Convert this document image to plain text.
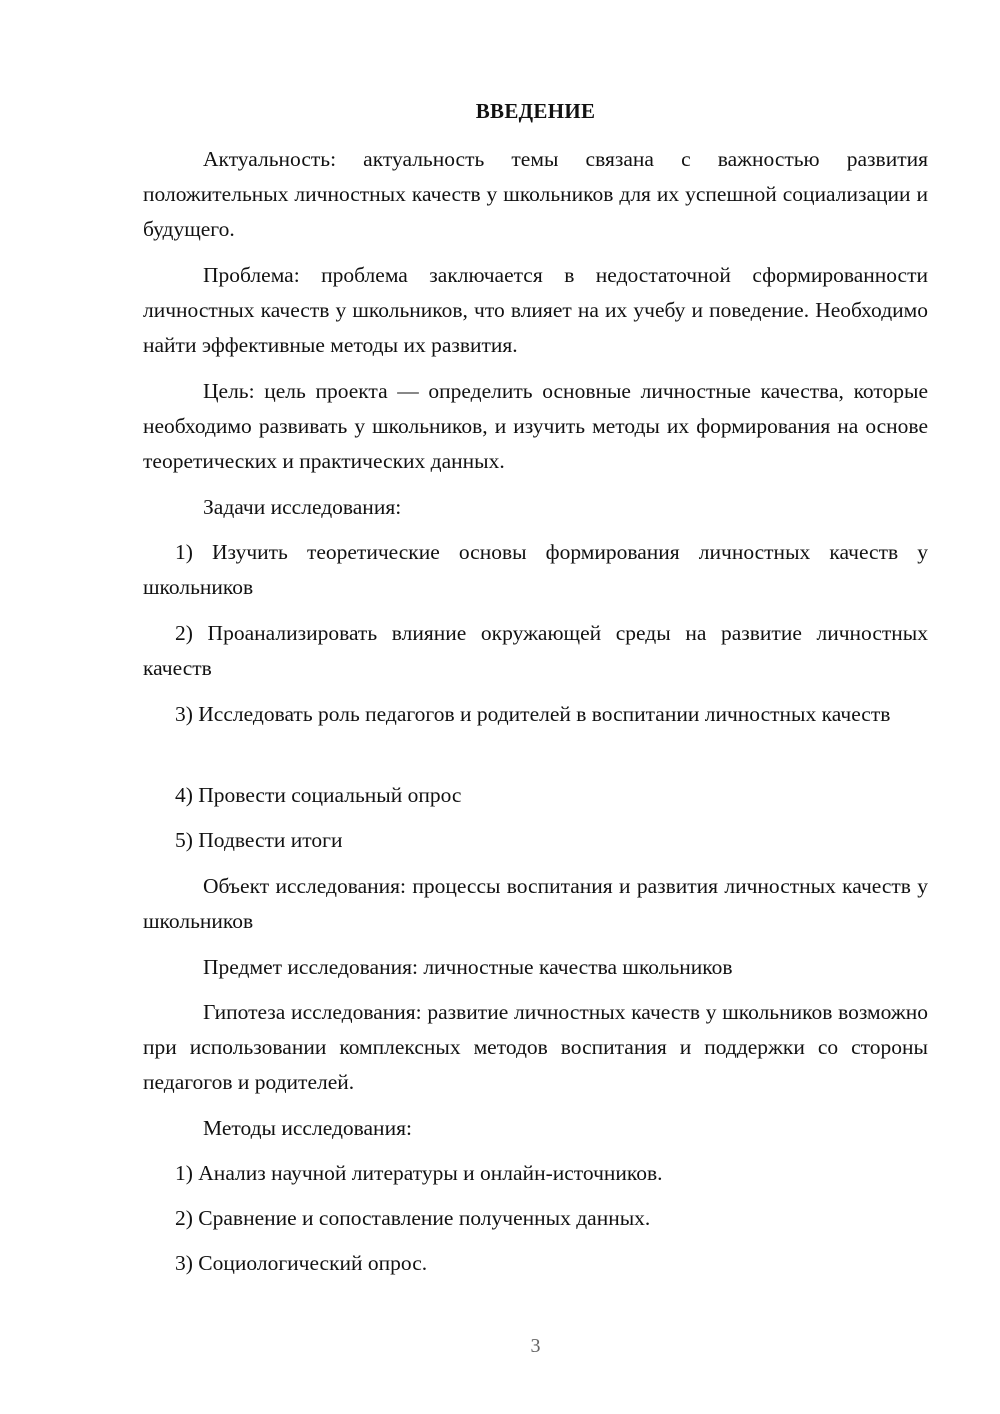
ВВЕДЕНИЕ
Актуальность: актуальность темы связана с важностью развития положительных личностных качеств у школьников для их успешной социализации и будущего.
Проблема: проблема заключается в недостаточной сформированности личностных качеств у школьников, что влияет на их учебу и поведение. Необходимо найти эффективные методы их развития.
Цель: цель проекта — определить основные личностные качества, которые необходимо развивать у школьников, и изучить методы их формирования на основе теоретических и практических данных.
Задачи исследования:
1) Изучить теоретические основы формирования личностных качеств у школьников
2) Проанализировать влияние окружающей среды на развитие личностных качеств
3) Исследовать роль педагогов и родителей в воспитании личностных качеств
4) Провести социальный опрос
5) Подвести итоги
Объект исследования: процессы воспитания и развития личностных качеств у школьников
Предмет исследования: личностные качества школьников
Гипотеза исследования: развитие личностных качеств у школьников возможно при использовании комплексных методов воспитания и поддержки со стороны педагогов и родителей.
Методы исследования:
1) Анализ научной литературы и онлайн-источников.
2) Сравнение и сопоставление полученных данных.
3) Социологический опрос.
3
